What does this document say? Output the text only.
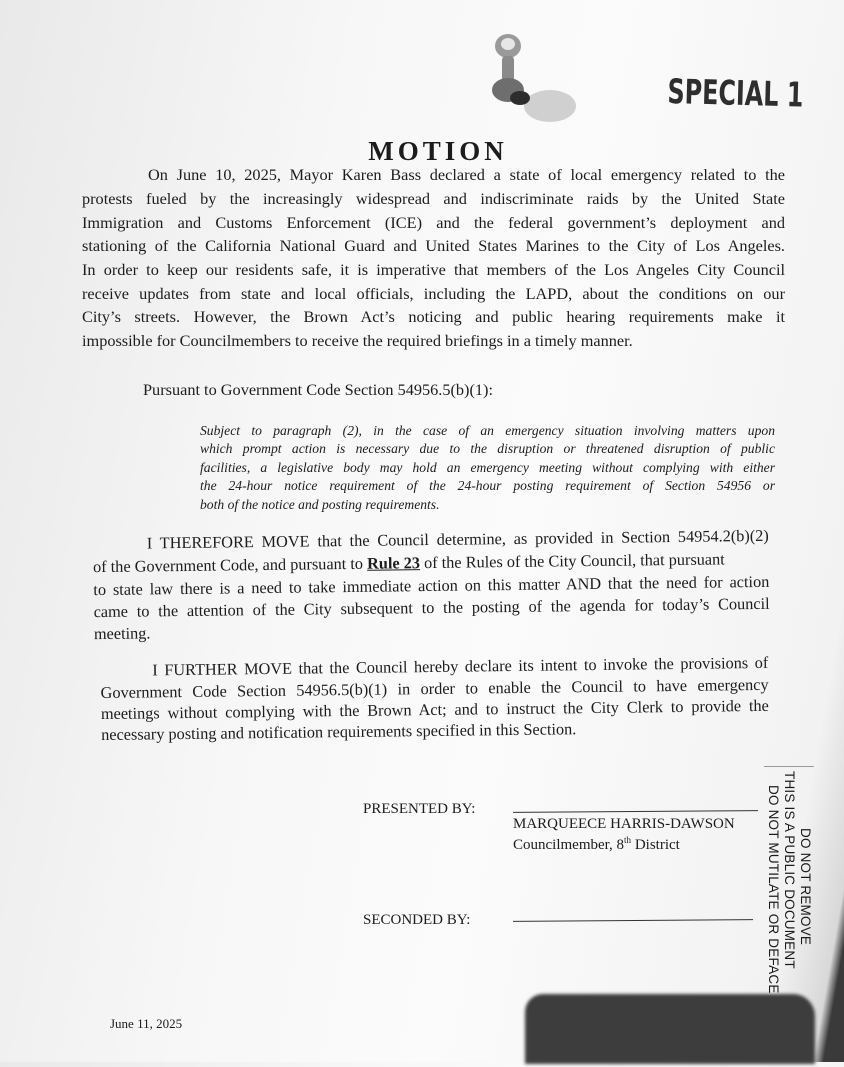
SPECIAL 1
MOTION
On June 10, 2025, Mayor Karen Bass declared a state of local emergency related to the
protests fueled by the increasingly widespread and indiscriminate raids by the United State
Immigration and Customs Enforcement (ICE) and the federal government’s deployment and
stationing of the California National Guard and United States Marines to the City of Los Angeles.
In order to keep our residents safe, it is imperative that members of the Los Angeles City Council
receive updates from state and local officials, including the LAPD, about the conditions on our
City’s streets. However, the Brown Act’s noticing and public hearing requirements make it
impossible for Councilmembers to receive the required briefings in a timely manner.
Pursuant to Government Code Section 54956.5(b)(1):
Subject to paragraph (2), in the case of an emergency situation involving matters upon
which prompt action is necessary due to the disruption or threatened disruption of public
facilities, a legislative body may hold an emergency meeting without complying with either
the 24-hour notice requirement of the 24-hour posting requirement of Section 54956 or
both of the notice and posting requirements.
I THEREFORE MOVE that the Council determine, as provided in Section 54954.2(b)(2)
of the Government Code, and pursuant to Rule 23 of the Rules of the City Council, that pursuant
to state law there is a need to take immediate action on this matter AND that the need for action
came to the attention of the City subsequent to the posting of the agenda for today’s Council
meeting.
I FURTHER MOVE that the Council hereby declare its intent to invoke the provisions of
Government Code Section 54956.5(b)(1) in order to enable the Council to have emergency
meetings without complying with the Brown Act; and to instruct the City Clerk to provide the
necessary posting and notification requirements specified in this Section.
PRESENTED BY:
MARQUEECE HARRIS-DAWSON
Councilmember, 8th District
SECONDED BY:	DO NOT REMOVE
THIS IS A PUBLIC DOCUMENT
DO NOT MUTILATE OR DEFACE
June 11, 2025
